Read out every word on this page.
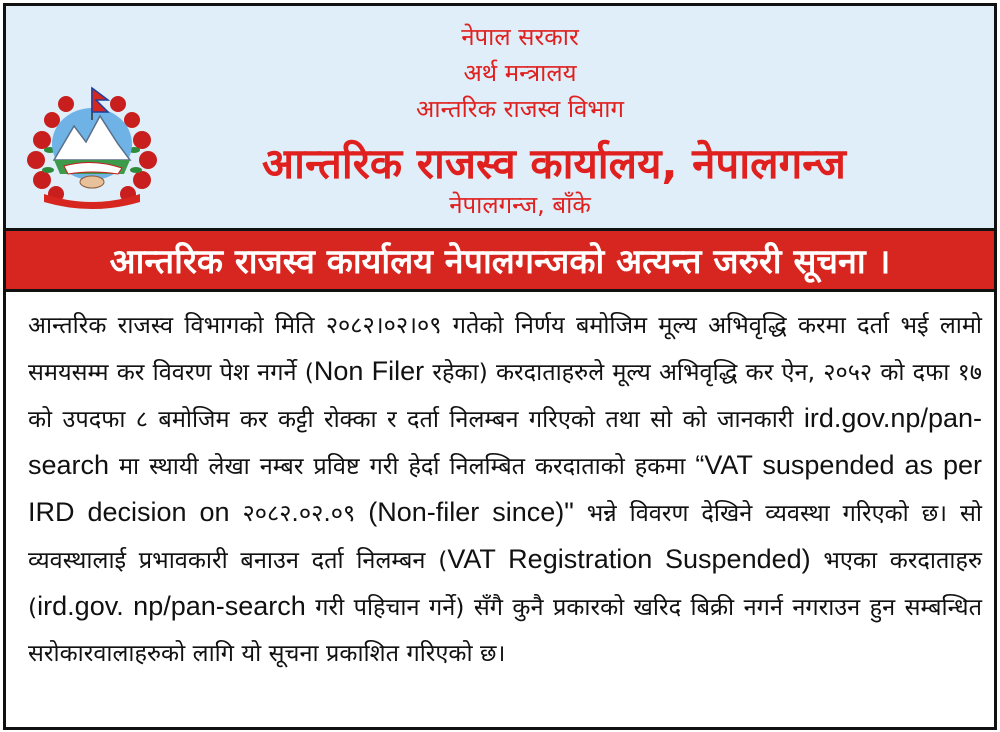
नेपाल सरकार
अर्थ मन्त्रालय
आन्तरिक राजस्व विभाग
आन्तरिक राजस्व कार्यालय, नेपालगन्ज
नेपालगन्ज, बाँके
आन्तरिक राजस्व कार्यालय नेपालगन्जको अत्यन्त जरुरी सूचना ।
आन्तरिक राजस्व विभागको मिति २०८२।०२।०९ गतेको निर्णय बमोजिम मूल्य अभिवृद्धि करमा दर्ता भई लामो समयसम्म कर विवरण पेश नगर्ने (Non Filer रहेका) करदाताहरुले मूल्य अभिवृद्धि कर ऐन, २०५२ को दफा १७ को उपदफा ८ बमोजिम कर कट्टी रोक्का र दर्ता निलम्बन गरिएको तथा सो को जानकारी ird.gov.np/pan-search मा स्थायी लेखा नम्बर प्रविष्ट गरी हेर्दा निलम्बित करदाताको हकमा “VAT suspended as per IRD decision on २०८२.०२.०९ (Non-filer since)" भन्ने विवरण देखिने व्यवस्था गरिएको छ। सो व्यवस्थालाई प्रभावकारी बनाउन दर्ता निलम्बन (VAT Registration Suspended) भएका करदाताहरु (ird.gov. np/pan-search गरी पहिचान गर्ने) सँगै कुनै प्रकारको खरिद बिक्री नगर्न नगराउन हुन सम्बन्धित सरोकारवालाहरुको लागि यो सूचना प्रकाशित गरिएको छ।
